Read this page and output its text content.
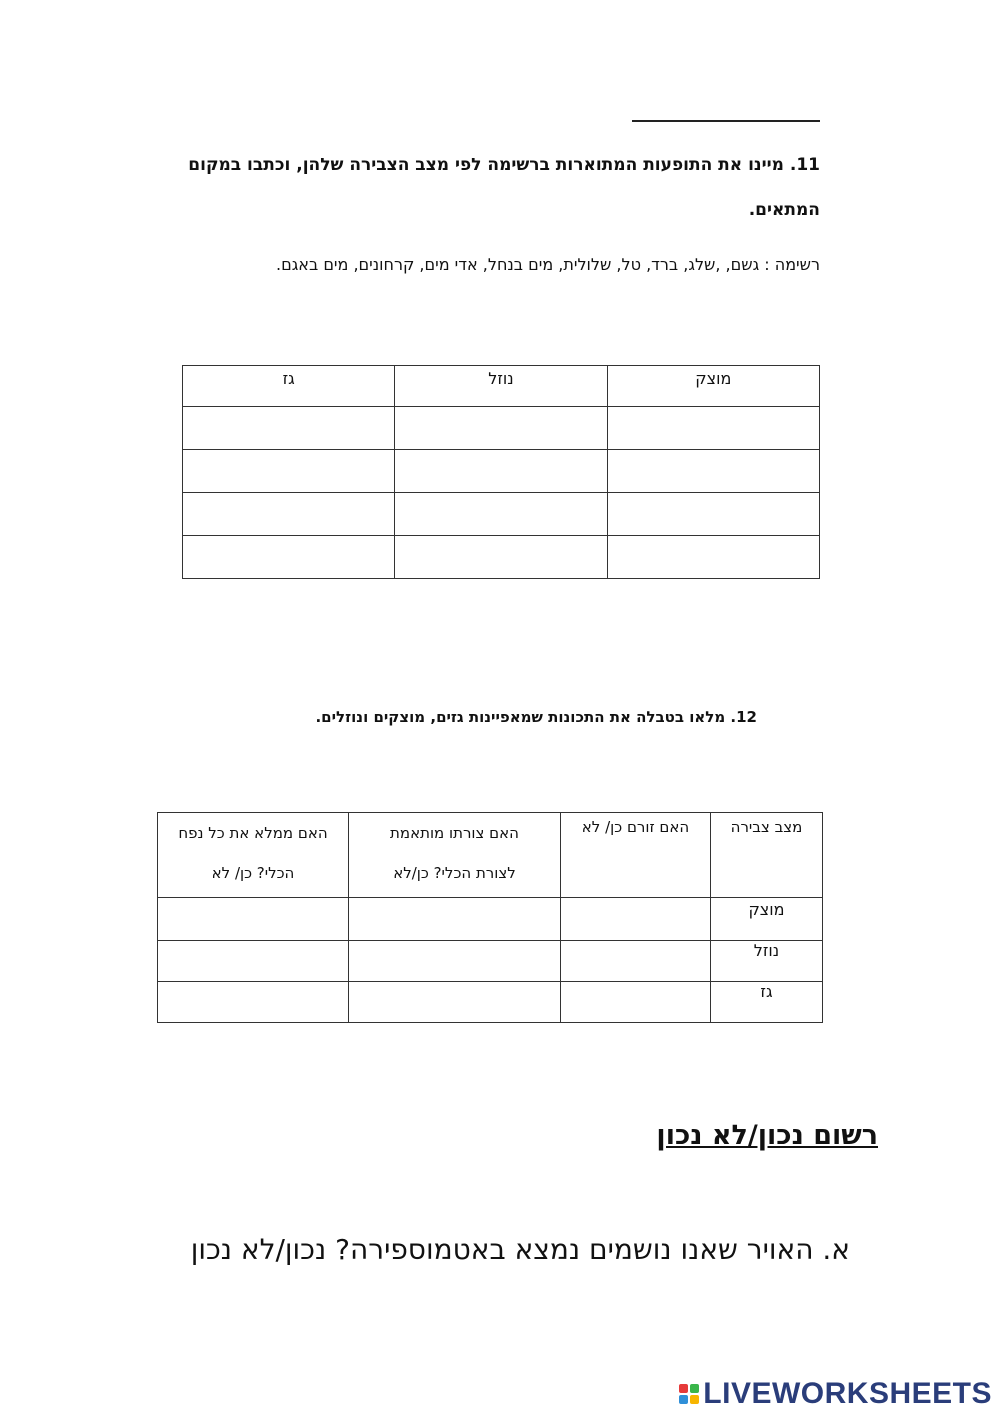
11. מיינו את התופעות המתוארות ברשימה לפי מצב הצבירה שלהן, וכתבו במקום
המתאים.
רשימה : גשם, ,שלג, ברד, טל, שלולית, מים בנחל, אדי מים, קרחונים, מים באגם.
מוצק	נוזל	גז

12. מלאו בטבלה את התכונות שמאפיינות גזים, מוצקים ונוזלים.
מצב צבירה	האם זורם כן/ לא	האם צורתו מותאמת לצורת הכלי? כן/לא	האם ממלא את כל נפח הכלי? כן/ לא
מוצק			
נוזל			
גז			
רשום נכון/לא נכון
א. האויר שאנו נושמים נמצא באטמוספירה? נכון/לא נכון
LIVEWORKSHEETS
